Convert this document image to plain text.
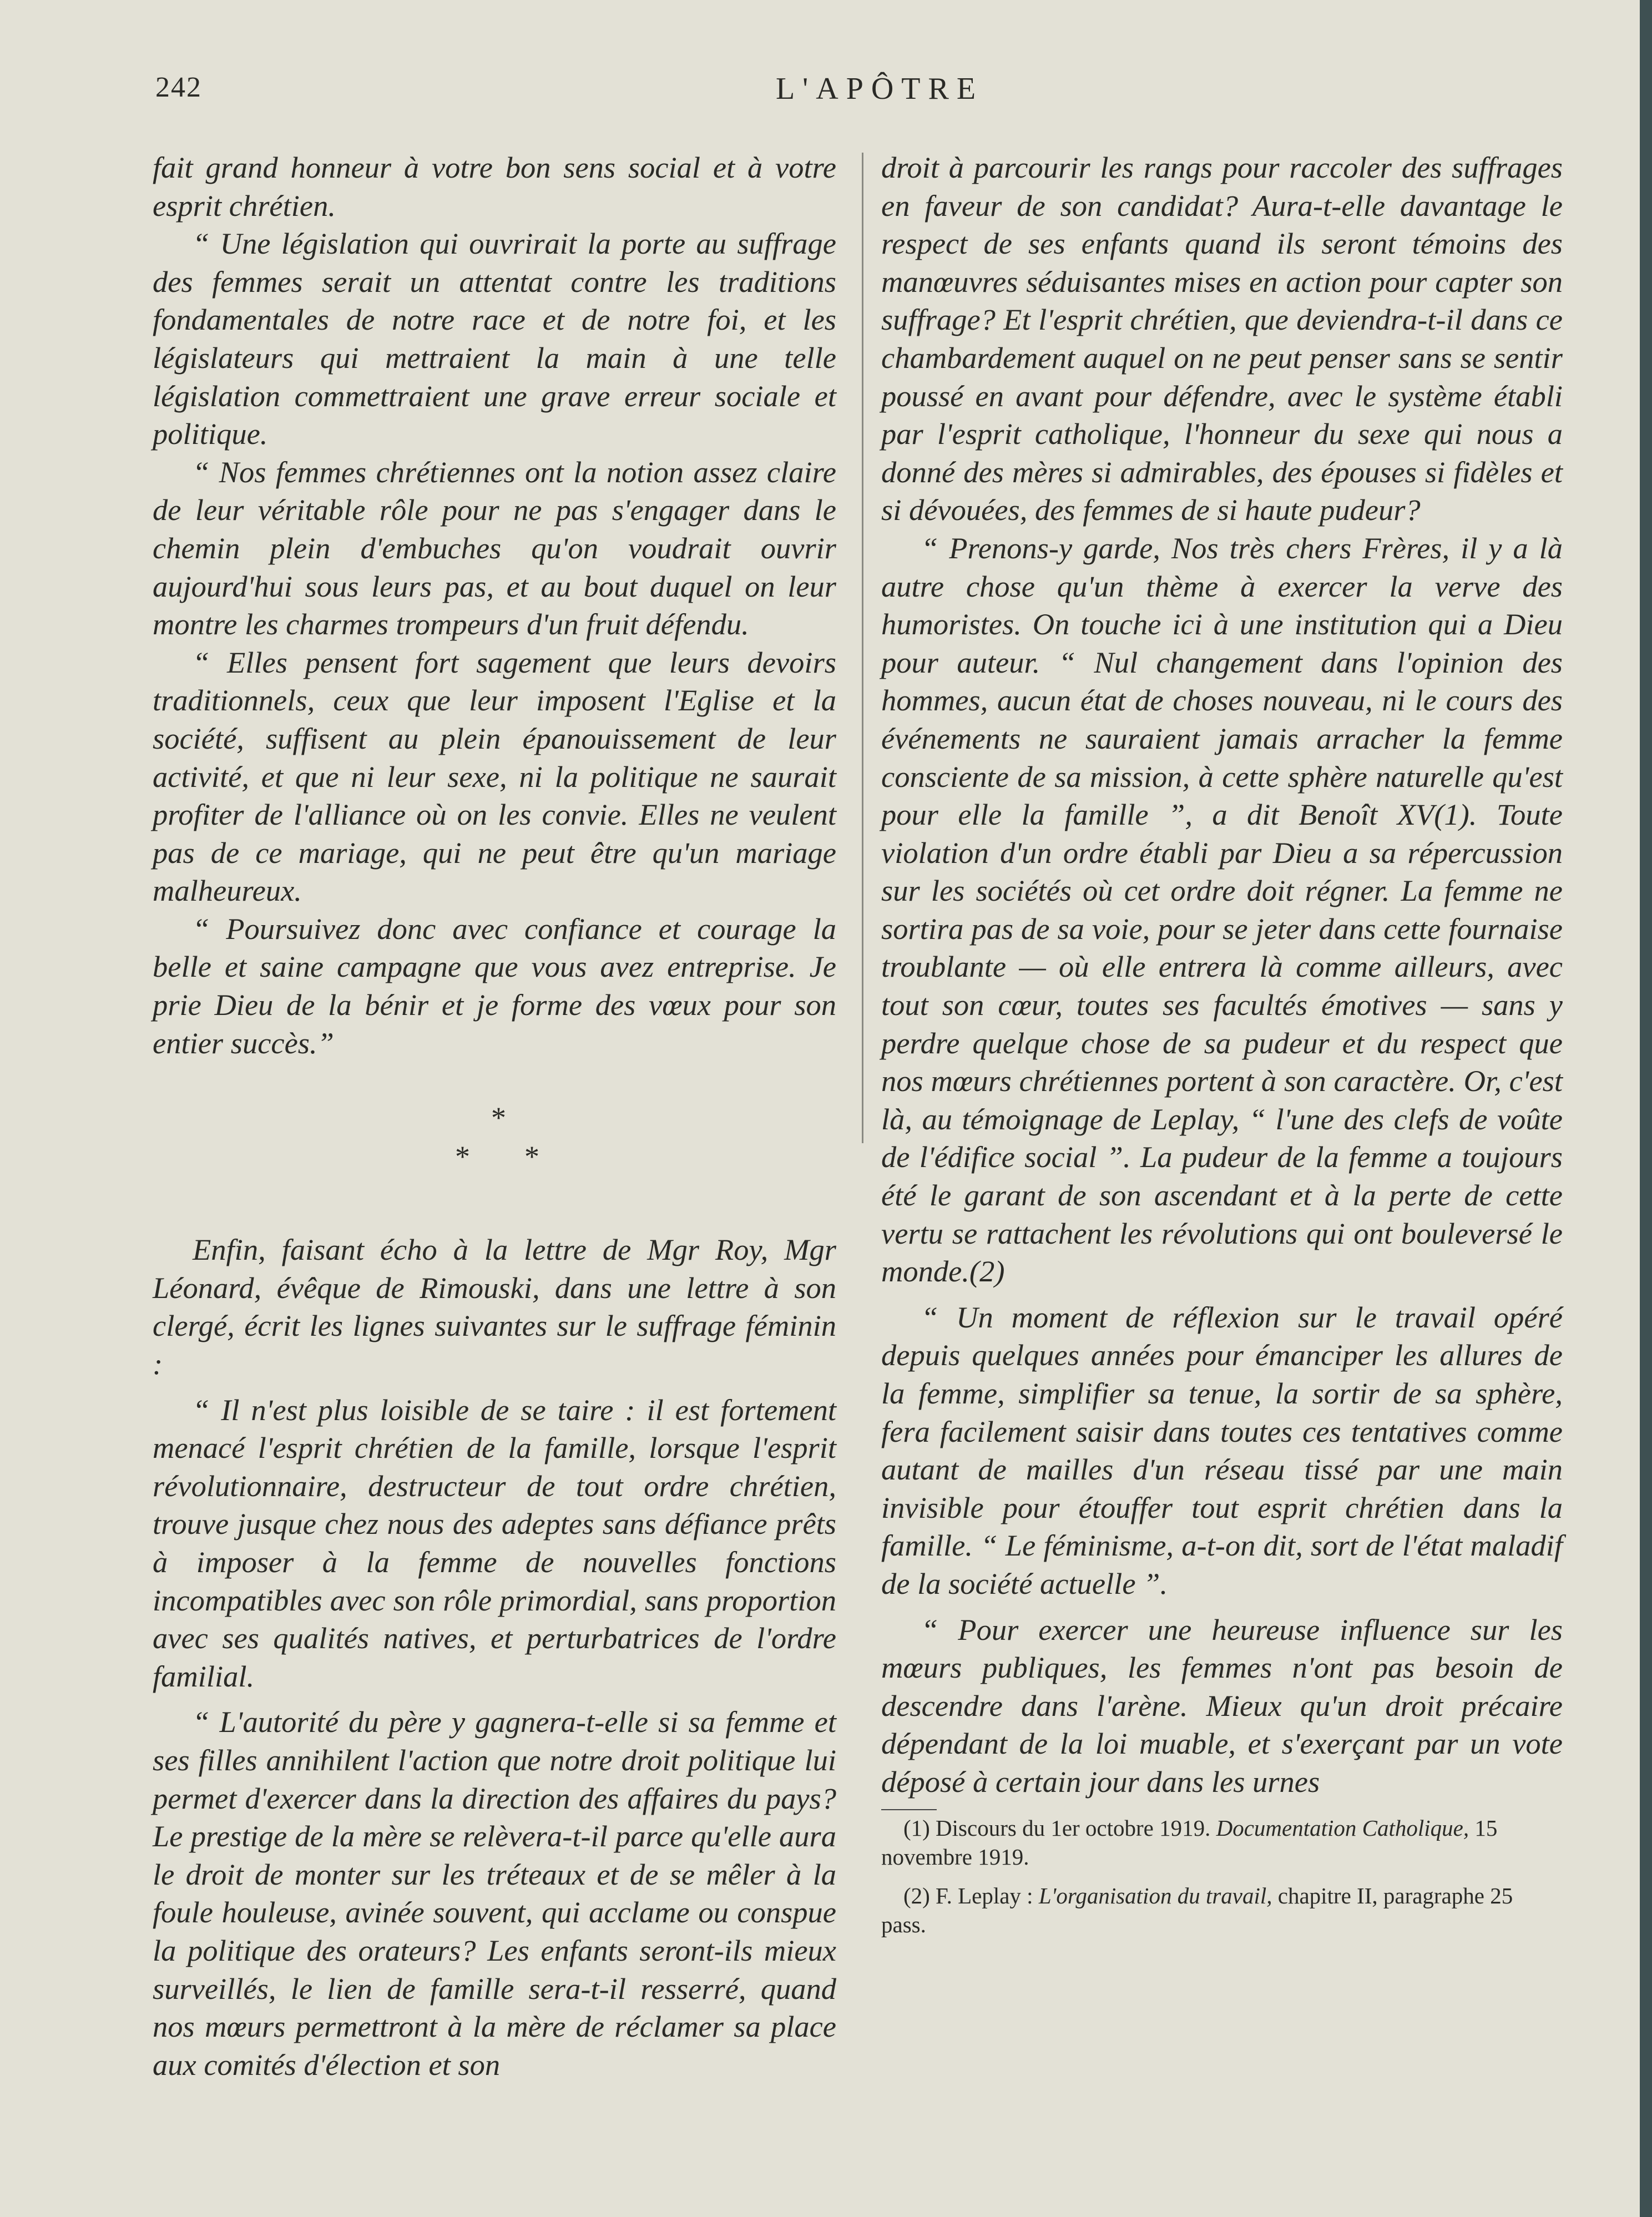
242	L'APÔTRE

fait grand honneur à votre bon sens social et à votre esprit chrétien.

“ Une législation qui ouvrirait la porte au suffrage des femmes serait un attentat contre les traditions fondamentales de notre race et de notre foi, et les législateurs qui mettraient la main à une telle législation commettraient une grave erreur sociale et politique.

“ Nos femmes chrétiennes ont la notion assez claire de leur véritable rôle pour ne pas s'engager dans le chemin plein d'embuches qu'on voudrait ouvrir aujourd'hui sous leurs pas, et au bout duquel on leur montre les charmes trompeurs d'un fruit défendu.

“ Elles pensent fort sagement que leurs devoirs traditionnels, ceux que leur imposent l'Eglise et la société, suffisent au plein épanouissement de leur activité, et que ni leur sexe, ni la politique ne saurait profiter de l'alliance où on les convie. Elles ne veulent pas de ce mariage, qui ne peut être qu'un mariage malheureux.

“ Poursuivez donc avec confiance et courage la belle et saine campagne que vous avez entreprise. Je prie Dieu de la bénir et je forme des vœux pour son entier succès.”

*
* *

Enfin, faisant écho à la lettre de Mgr Roy, Mgr Léonard, évêque de Rimouski, dans une lettre à son clergé, écrit les lignes suivantes sur le suffrage féminin :

“ Il n'est plus loisible de se taire : il est fortement menacé l'esprit chrétien de la famille, lorsque l'esprit révolutionnaire, destructeur de tout ordre chrétien, trouve jusque chez nous des adeptes sans défiance prêts à imposer à la femme de nouvelles fonctions incompatibles avec son rôle primordial, sans proportion avec ses qualités natives, et perturbatrices de l'ordre familial.

“ L'autorité du père y gagnera-t-elle si sa femme et ses filles annihilent l'action que notre droit politique lui permet d'exercer dans la direction des affaires du pays? Le prestige de la mère se relèvera-t-il parce qu'elle aura le droit de monter sur les tréteaux et de se mêler à la foule houleuse, avinée souvent, qui acclame ou conspue la politique des orateurs? Les enfants seront-ils mieux surveillés, le lien de famille sera-t-il resserré, quand nos mœurs permettront à la mère de réclamer sa place aux comités d'élection et son

droit à parcourir les rangs pour raccoler des suffrages en faveur de son candidat? Aura-t-elle davantage le respect de ses enfants quand ils seront témoins des manœuvres séduisantes mises en action pour capter son suffrage? Et l'esprit chrétien, que deviendra-t-il dans ce chambardement auquel on ne peut penser sans se sentir poussé en avant pour défendre, avec le système établi par l'esprit catholique, l'honneur du sexe qui nous a donné des mères si admirables, des épouses si fidèles et si dévouées, des femmes de si haute pudeur?

“ Prenons-y garde, Nos très chers Frères, il y a là autre chose qu'un thème à exercer la verve des humoristes. On touche ici à une institution qui a Dieu pour auteur. “ Nul changement dans l'opinion des hommes, aucun état de choses nouveau, ni le cours des événements ne sauraient jamais arracher la femme consciente de sa mission, à cette sphère naturelle qu'est pour elle la famille ”, a dit Benoît XV(1). Toute violation d'un ordre établi par Dieu a sa répercussion sur les sociétés où cet ordre doit régner. La femme ne sortira pas de sa voie, pour se jeter dans cette fournaise troublante — où elle entrera là comme ailleurs, avec tout son cœur, toutes ses facultés émotives — sans y perdre quelque chose de sa pudeur et du respect que nos mœurs chrétiennes portent à son caractère. Or, c'est là, au témoignage de Leplay, “ l'une des clefs de voûte de l'édifice social ”. La pudeur de la femme a toujours été le garant de son ascendant et à la perte de cette vertu se rattachent les révolutions qui ont bouleversé le monde.(2)

“ Un moment de réflexion sur le travail opéré depuis quelques années pour émanciper les allures de la femme, simplifier sa tenue, la sortir de sa sphère, fera facilement saisir dans toutes ces tentatives comme autant de mailles d'un réseau tissé par une main invisible pour étouffer tout esprit chrétien dans la famille. “ Le féminisme, a-t-on dit, sort de l'état maladif de la société actuelle ”.

“ Pour exercer une heureuse influence sur les mœurs publiques, les femmes n'ont pas besoin de descendre dans l'arène. Mieux qu'un droit précaire dépendant de la loi muable, et s'exerçant par un vote déposé à certain jour dans les urnes

(1) Discours du 1er octobre 1919. Documentation Catholique, 15 novembre 1919.

(2) F. Leplay : L'organisation du travail, chapitre II, paragraphe 25 pass.
